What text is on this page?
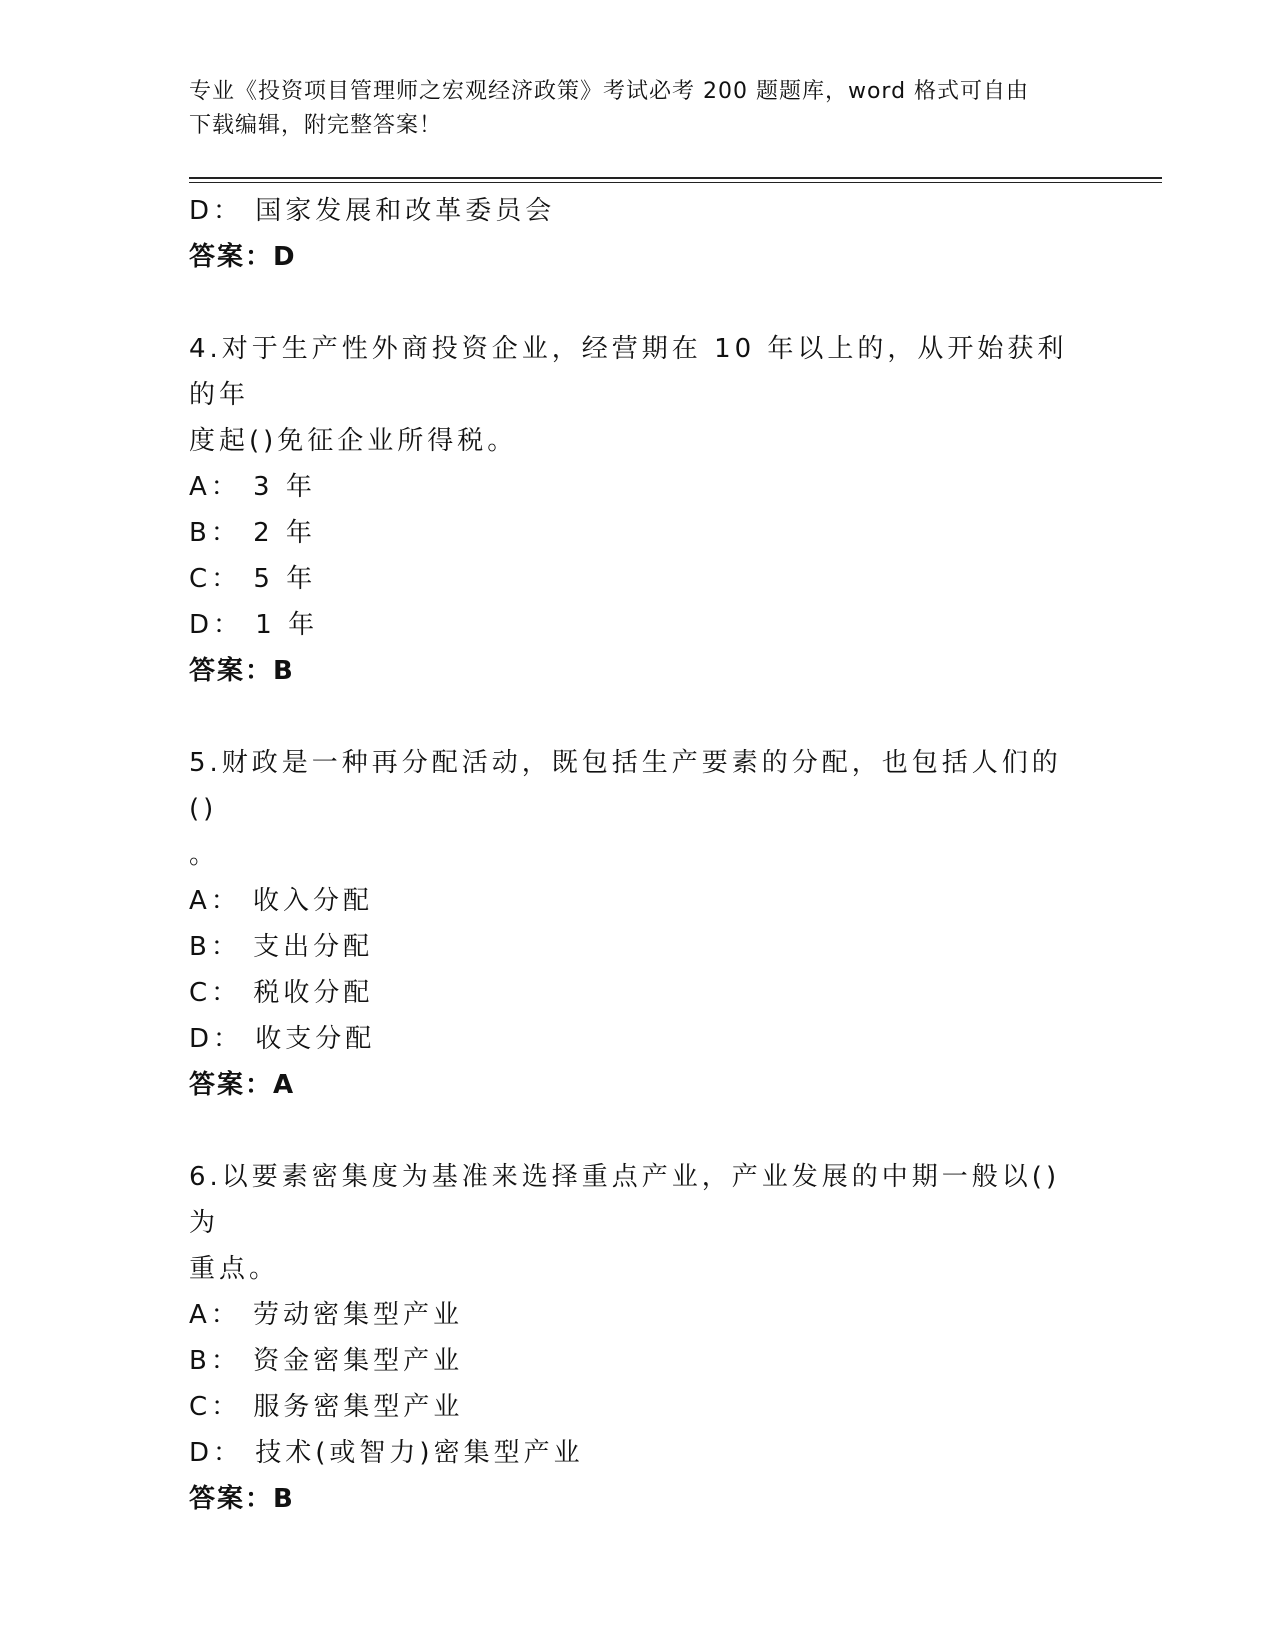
专业《投资项目管理师之宏观经济政策》考试必考 200 题题库，word 格式可自由
下载编辑，附完整答案！
D： 国家发展和改革委员会
答案：D
4.对于生产性外商投资企业，经营期在 10 年以上的，从开始获利的年
度起()免征企业所得税。
A： 3 年
B： 2 年
C： 5 年
D： 1 年
答案：B
5.财政是一种再分配活动，既包括生产要素的分配，也包括人们的()
。
A： 收入分配
B： 支出分配
C： 税收分配
D： 收支分配
答案：A
6.以要素密集度为基准来选择重点产业，产业发展的中期一般以()为
重点。
A： 劳动密集型产业
B： 资金密集型产业
C： 服务密集型产业
D： 技术(或智力)密集型产业
答案：B
